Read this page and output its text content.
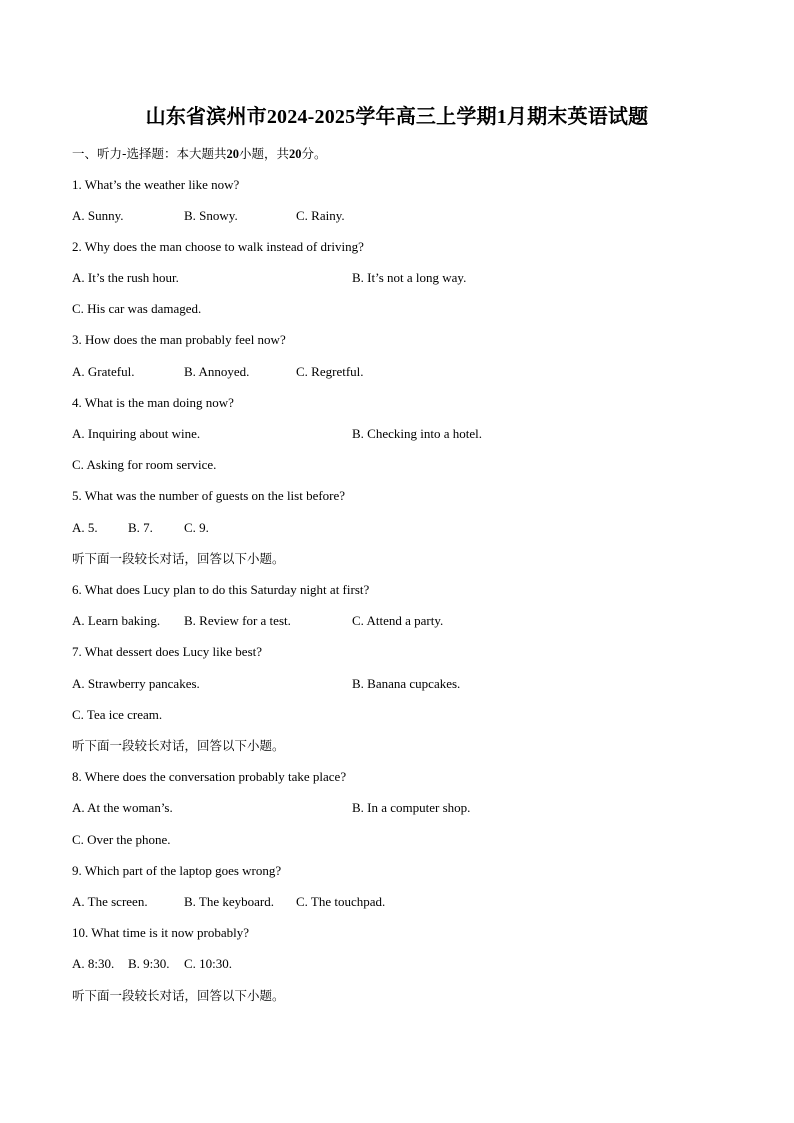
山东省滨州市2024-2025学年高三上学期1月期末英语试题
一、听力-选择题：本大题共20小题，共20分。
1. What’s the weather like now?
A. Sunny.	B. Snowy.	C. Rainy.
2. Why does the man choose to walk instead of driving?
A. It’s the rush hour.	B. It’s not a long way.
C. His car was damaged.
3. How does the man probably feel now?
A. Grateful.	B. Annoyed.	C. Regretful.
4. What is the man doing now?
A. Inquiring about wine.	B. Checking into a hotel.
C. Asking for room service.
5. What was the number of guests on the list before?
A. 5. B. 7. C. 9.
听下面一段较长对话，回答以下小题。
6. What does Lucy plan to do this Saturday night at first?
A. Learn baking. B. Review for a test.	C. Attend a party.
7. What dessert does Lucy like best?
A. Strawberry pancakes.	B. Banana cupcakes.
C. Tea ice cream.
听下面一段较长对话，回答以下小题。
8. Where does the conversation probably take place?
A. At the woman’s.	B. In a computer shop.
C. Over the phone.
9. Which part of the laptop goes wrong?
A. The screen.	B. The keyboard. C. The touchpad.
10. What time is it now probably?
A. 8:30. B. 9:30. C. 10:30.
听下面一段较长对话，回答以下小题。
